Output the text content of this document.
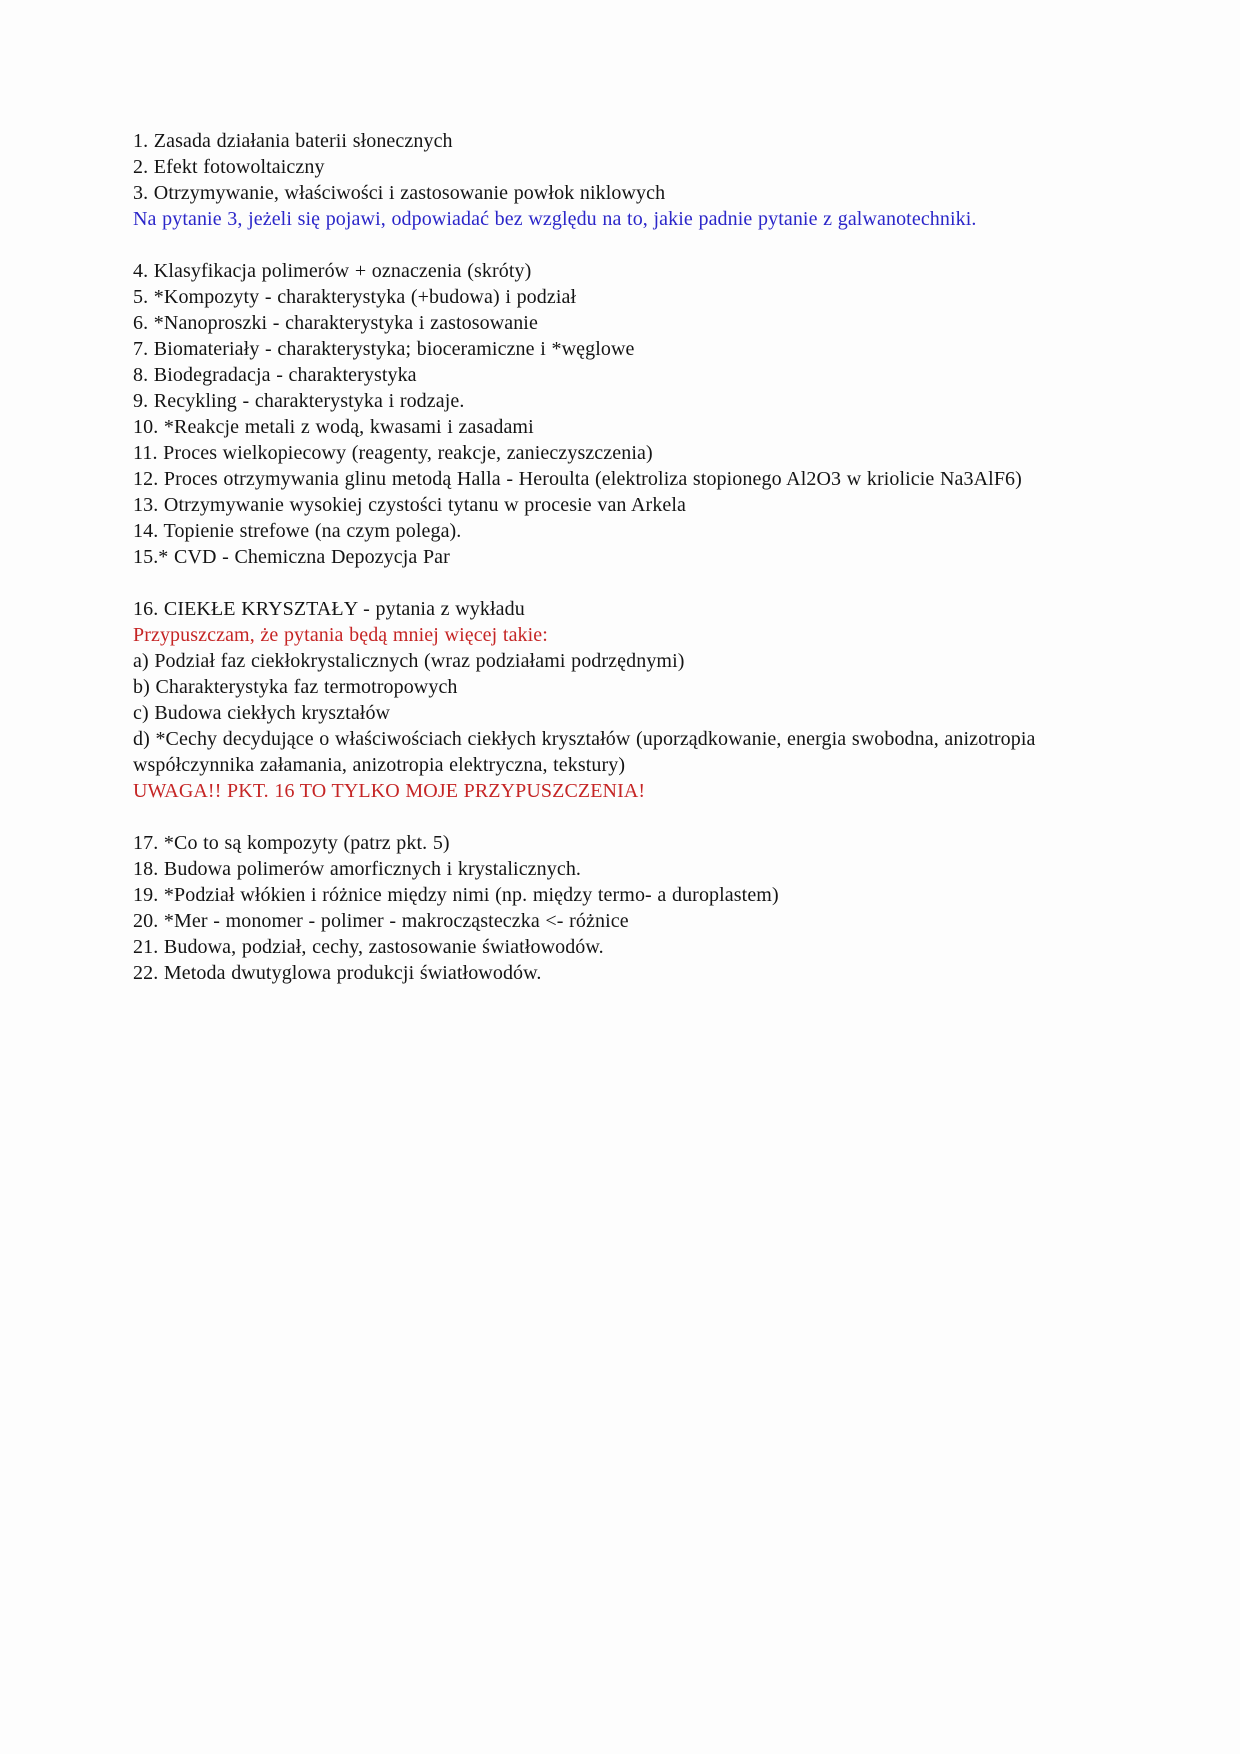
1. Zasada działania baterii słonecznych

2. Efekt fotowoltaiczny

3. Otrzymywanie, właściwości i zastosowanie powłok niklowych

Na pytanie 3, jeżeli się pojawi, odpowiadać bez względu na to, jakie padnie pytanie z galwanotechniki.

4. Klasyfikacja polimerów + oznaczenia (skróty)

5. *Kompozyty - charakterystyka (+budowa) i podział

6. *Nanoproszki - charakterystyka i zastosowanie

7. Biomateriały - charakterystyka; bioceramiczne i *węglowe

8. Biodegradacja - charakterystyka

9. Recykling - charakterystyka i rodzaje.

10. *Reakcje metali z wodą, kwasami i zasadami

11. Proces wielkopiecowy (reagenty, reakcje, zanieczyszczenia)

12. Proces otrzymywania glinu metodą Halla - Heroulta (elektroliza stopionego Al2O3 w kriolicie Na3AlF6)

13. Otrzymywanie wysokiej czystości tytanu w procesie van Arkela

14. Topienie strefowe (na czym polega).

15.* CVD - Chemiczna Depozycja Par

16. CIEKŁE KRYSZTAŁY - pytania z wykładu

Przypuszczam, że pytania będą mniej więcej takie:

a) Podział faz ciekłokrystalicznych (wraz podziałami podrzędnymi)

b) Charakterystyka faz termotropowych

c) Budowa ciekłych kryształów

d) *Cechy decydujące o właściwościach ciekłych kryształów (uporządkowanie, energia swobodna, anizotropia współczynnika załamania, anizotropia elektryczna, tekstury)

UWAGA!! PKT. 16 TO TYLKO MOJE PRZYPUSZCZENIA!

17. *Co to są kompozyty (patrz pkt. 5)

18. Budowa polimerów amorficznych i krystalicznych.

19. *Podział włókien i różnice między nimi (np. między termo- a duroplastem)

20. *Mer - monomer - polimer - makrocząsteczka <- różnice

21. Budowa, podział, cechy, zastosowanie światłowodów.

22. Metoda dwutyglowa produkcji światłowodów.
